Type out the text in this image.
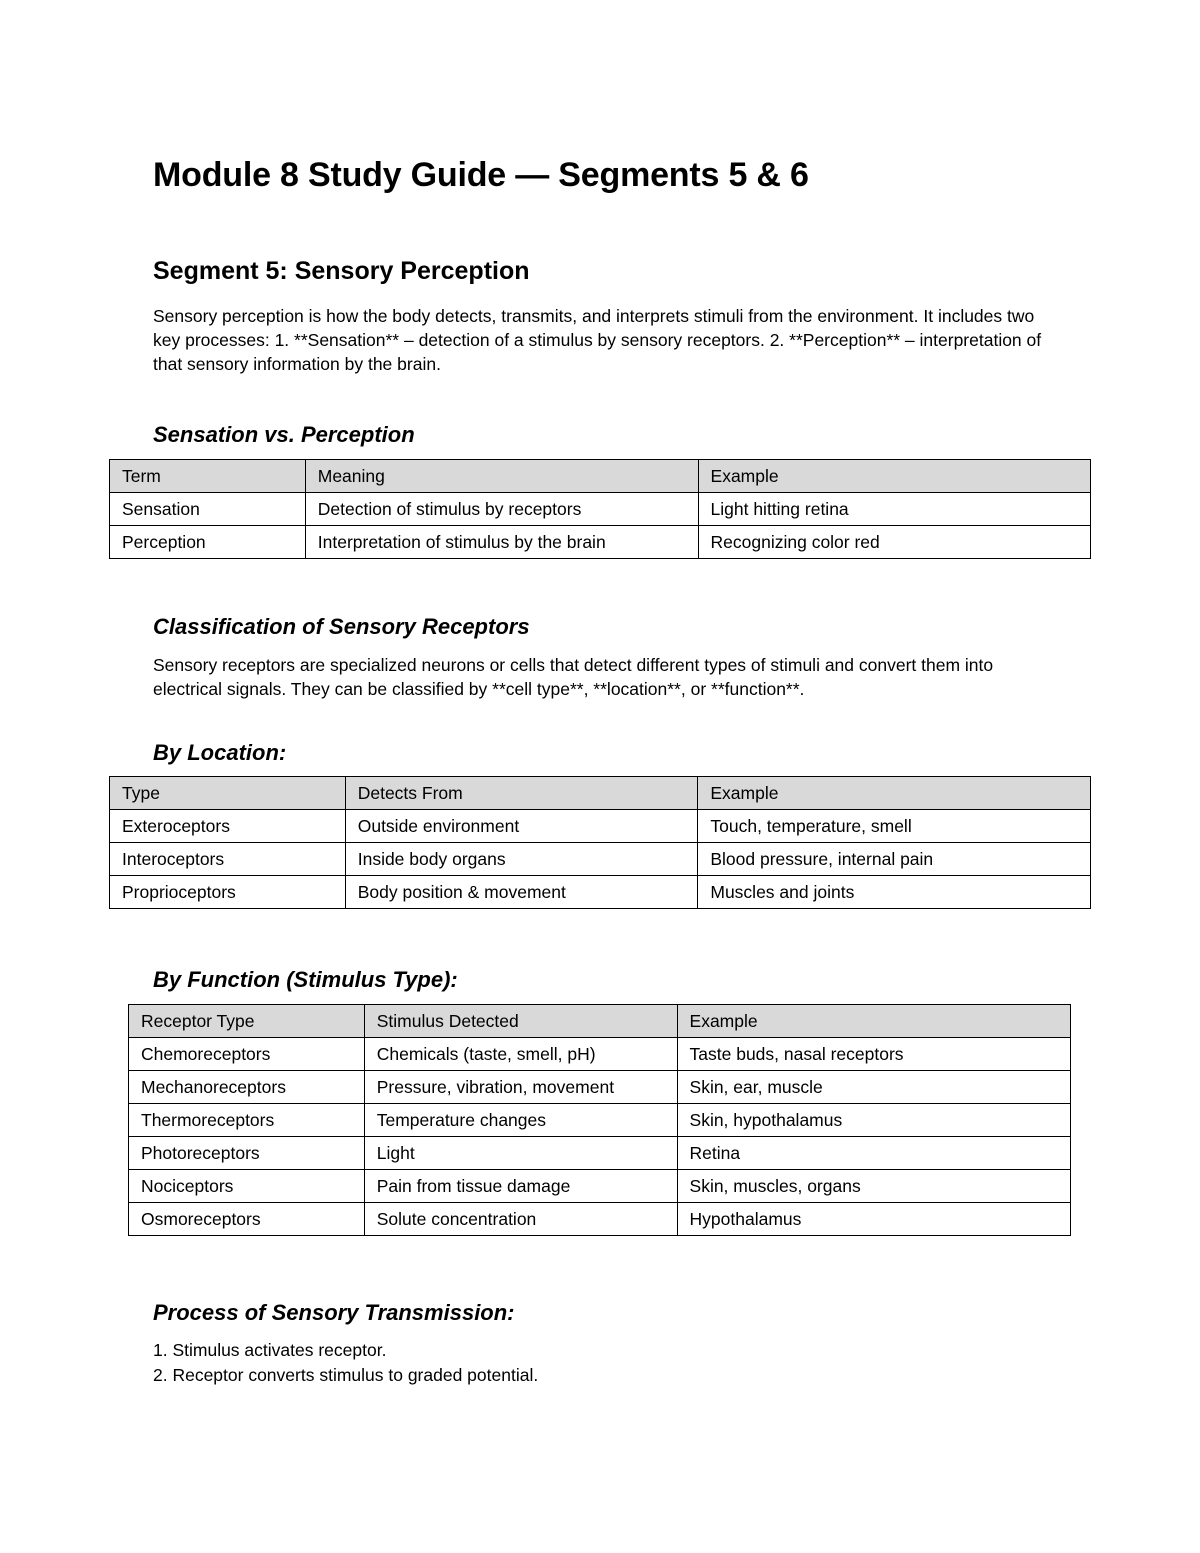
Module 8 Study Guide — Segments 5 & 6
Segment 5: Sensory Perception

Sensory perception is how the body detects, transmits, and interprets stimuli from the environment. It includes two key processes: 1. **Sensation** – detection of a stimulus by sensory receptors. 2. **Perception** – interpretation of that sensory information by the brain.

Sensation vs. Perception
Term	Meaning	Example
Sensation	Detection of stimulus by receptors	Light hitting retina
Perception	Interpretation of stimulus by the brain	Recognizing color red
Classification of Sensory Receptors

Sensory receptors are specialized neurons or cells that detect different types of stimuli and convert them into electrical signals. They can be classified by **cell type**, **location**, or **function**.

By Location:
Type	Detects From	Example
Exteroceptors	Outside environment	Touch, temperature, smell
Interoceptors	Inside body organs	Blood pressure, internal pain
Proprioceptors	Body position & movement	Muscles and joints
By Function (Stimulus Type):
Receptor Type	Stimulus Detected	Example
Chemoreceptors	Chemicals (taste, smell, pH)	Taste buds, nasal receptors
Mechanoreceptors	Pressure, vibration, movement	Skin, ear, muscle
Thermoreceptors	Temperature changes	Skin, hypothalamus
Photoreceptors	Light	Retina
Nociceptors	Pain from tissue damage	Skin, muscles, organs
Osmoreceptors	Solute concentration	Hypothalamus
Process of Sensory Transmission:
1. Stimulus activates receptor.
2. Receptor converts stimulus to graded potential.
